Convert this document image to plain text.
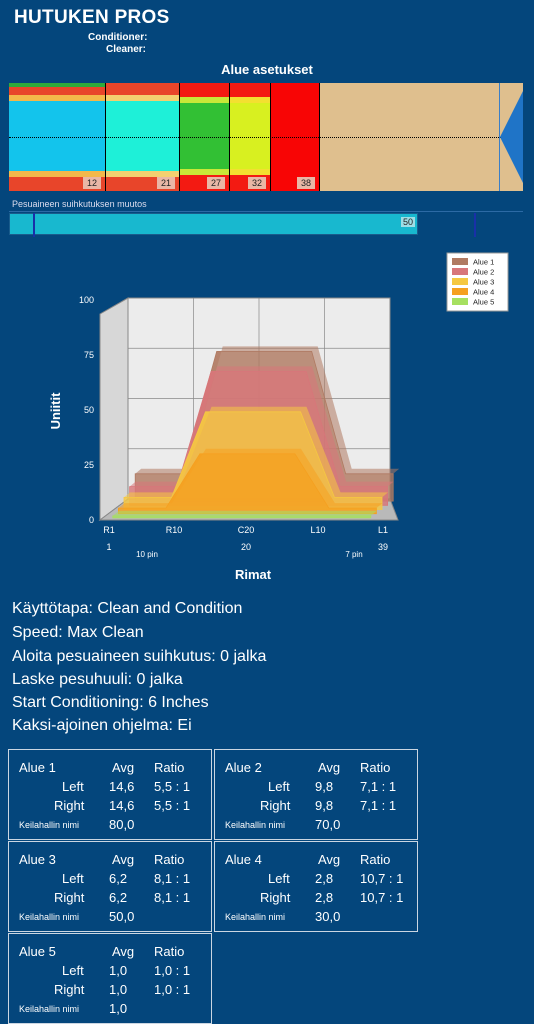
HUTUKEN PROS
Conditioner:
Cleaner:
Alue asetukset
12	21	27	32	38
Pesuaineen suihkutuksen muutos
50
0
25
50
75
100
Uniitit
R1	R10	C20	L10	L1
1	20	39
10 pin	7 pin
Rimat
Alue 1
Alue 2
Alue 3
Alue 4
Alue 5
Käyttötapa: Clean and Condition
Speed: Max Clean
Aloita pesuaineen suihkutus: 0 jalka
Laske pesuhuuli: 0 jalka
Start Conditioning: 6 Inches
Kaksi-ajoinen ohjelma: Ei
Alue 1	Avg Ratio
Left 14,6 5,5 : 1
Right 14,6 5,5 : 1
Keilahallin nimi 80,0
Alue 2	Avg Ratio
Left 9,8 7,1 : 1
Right 9,8 7,1 : 1
Keilahallin nimi 70,0
Alue 3	Avg Ratio
Left 6,2 8,1 : 1
Right 6,2 8,1 : 1
Keilahallin nimi 50,0
Alue 4	Avg Ratio
Left 2,8 10,7 : 1
Right 2,8 10,7 : 1
Keilahallin nimi 30,0
Alue 5	Avg Ratio
Left 1,0 1,0 : 1
Right 1,0 1,0 : 1
Keilahallin nimi 1,0
